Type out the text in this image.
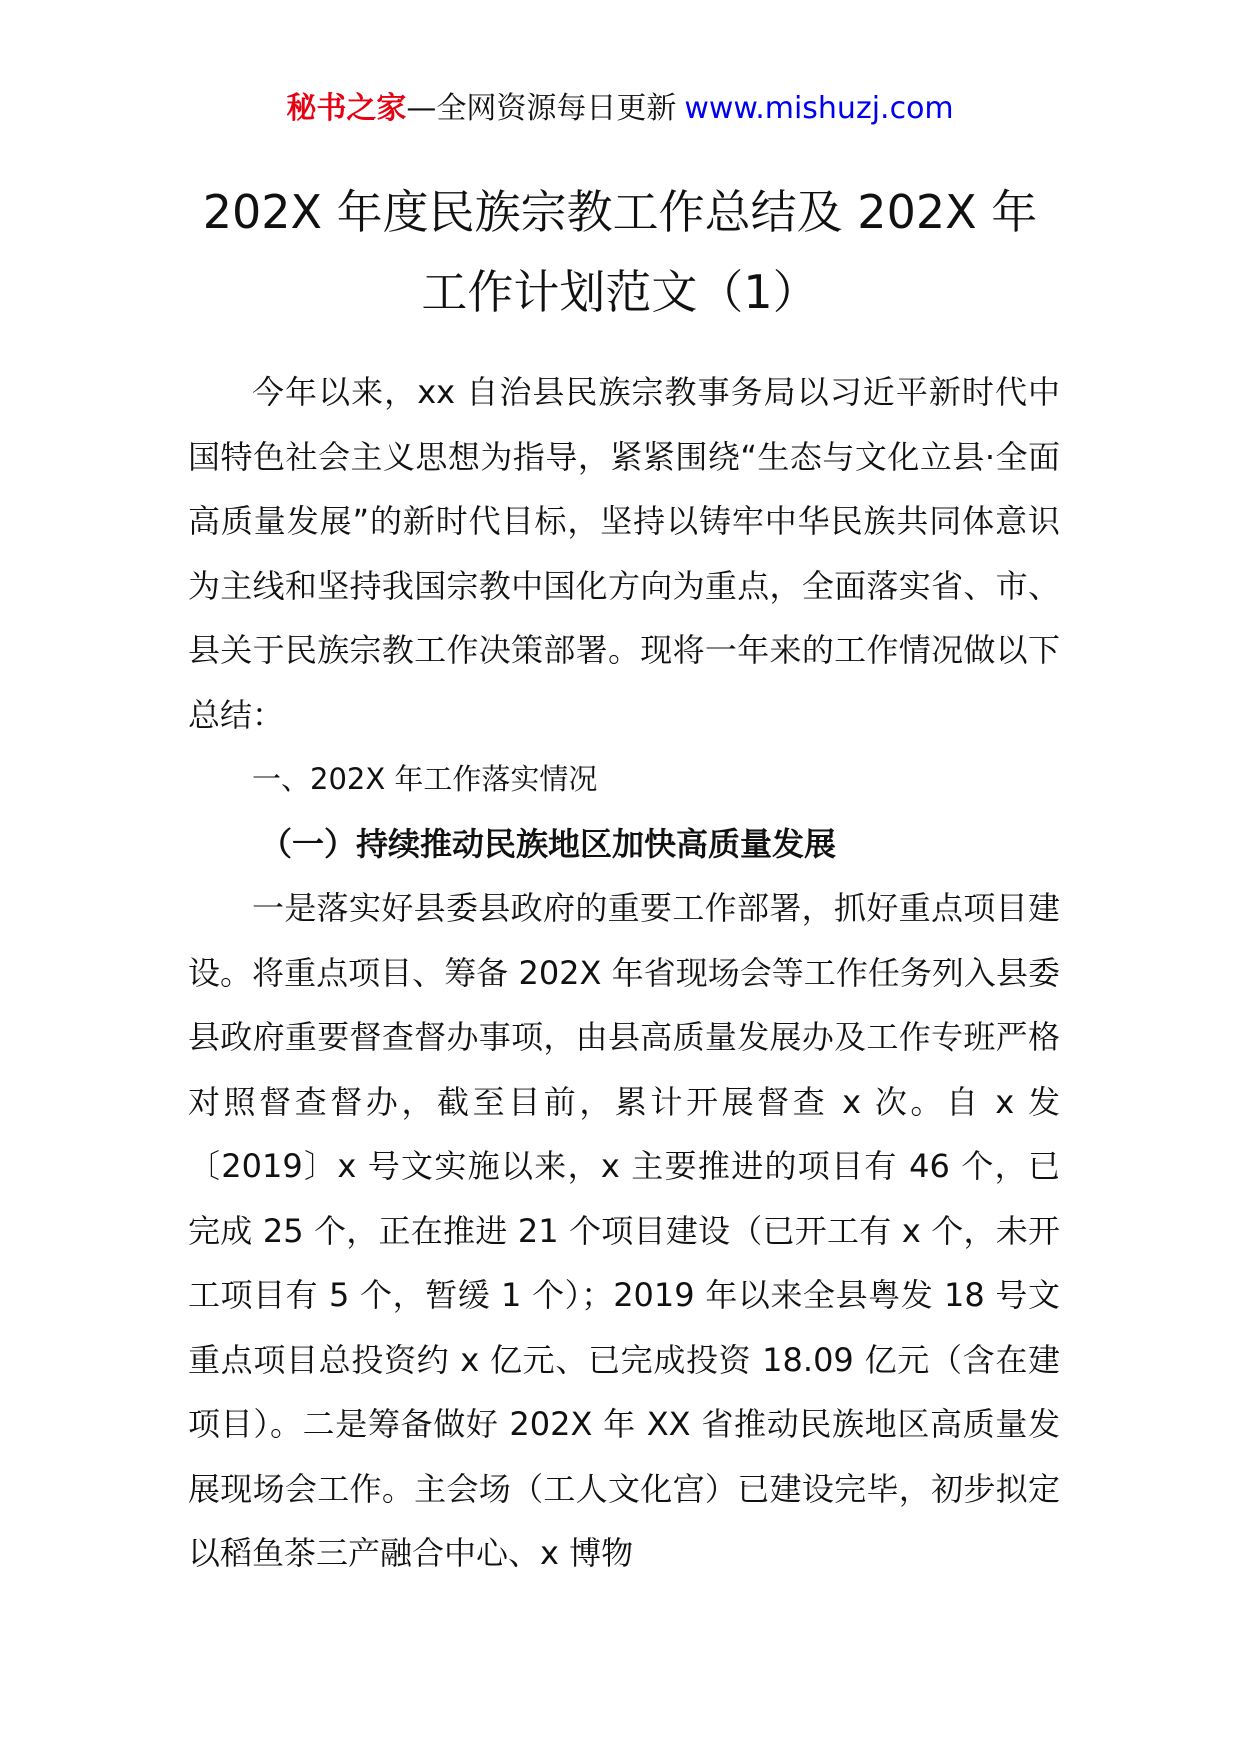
秘书之家—全网资源每日更新 www.mishuzj.com
202X 年度民族宗教工作总结及 202X 年
工作计划范文（1）

今年以来，xx 自治县民族宗教事务局以习近平新时代中国特色社会主义思想为指导，紧紧围绕“生态与文化立县·全面高质量发展”的新时代目标，坚持以铸牢中华民族共同体意识为主线和坚持我国宗教中国化方向为重点，全面落实省、市、县关于民族宗教工作决策部署。现将一年来的工作情况做以下总结：

一、202X 年工作落实情况

（一）持续推动民族地区加快高质量发展

一是落实好县委县政府的重要工作部署，抓好重点项目建设。将重点项目、筹备 202X 年省现场会等工作任务列入县委县政府重要督查督办事项，由县高质量发展办及工作专班严格对照督查督办，截至目前，累计开展督查 x 次。自 x 发〔2019〕x 号文实施以来，x 主要推进的项目有 46 个，已完成 25 个，正在推进 21 个项目建设（已开工有 x 个，未开工项目有 5 个，暂缓 1 个）；2019 年以来全县粤发 18 号文重点项目总投资约 x 亿元、已完成投资 18.09 亿元（含在建项目）。二是筹备做好 202X 年 XX 省推动民族地区高质量发展现场会工作。主会场（工人文化宫）已建设完毕，初步拟定以稻鱼茶三产融合中心、x 博物
